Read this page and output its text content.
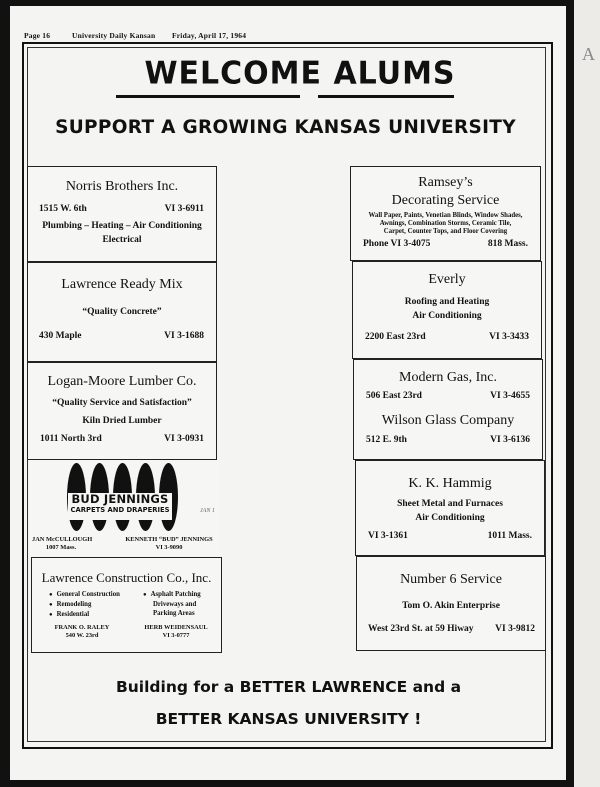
A
Page 16	University Daily Kansan Friday, April 17, 1964
WELCOME ALUMS
SUPPORT A GROWING KANSAS UNIVERSITY
Norris Brothers Inc.
1515 W. 6th	VI 3-6911
Plumbing – Heating – Air Conditioning
Electrical
Lawrence Ready Mix
“Quality Concrete”
430 Maple	VI 3-1688
Logan-Moore Lumber Co.
“Quality Service and Satisfaction”
Kiln Dried Lumber
1011 North 3rd	VI 3-0931
JAN McCULLOUGH
1007 Mass.
KENNETH “BUD” JENNINGS
VI 3-9090
BUD JENNINGS
CARPETS AND DRAPERIES	JAN 1
Lawrence Construction Co., Inc.
● General Construction
● Remodeling
● Residential
● Asphalt Patching
Driveways and
Parking Areas
FRANK O. RALEY
540 W. 23rd
HERB WEIDENSAUL
VI 3-0777
Ramsey’s
Decorating Service
Wall Paper, Paints, Venetian Blinds, Window Shades,
Awnings, Combination Storms, Ceramic Tile,
Carpet, Counter Tops, and Floor Covering
Phone VI 3-4075	818 Mass.
Everly
Roofing and Heating
Air Conditioning
2200 East 23rd	VI 3-3433
Modern Gas, Inc.
506 East 23rd	VI 3-4655
Wilson Glass Company
512 E. 9th	VI 3-6136
K. K. Hammig
Sheet Metal and Furnaces
Air Conditioning
VI 3-1361	1011 Mass.
Number 6 Service
Tom O. Akin Enterprise
West 23rd St. at 59 Hiway VI 3-9812
Building for a BETTER LAWRENCE and a
BETTER KANSAS UNIVERSITY !
